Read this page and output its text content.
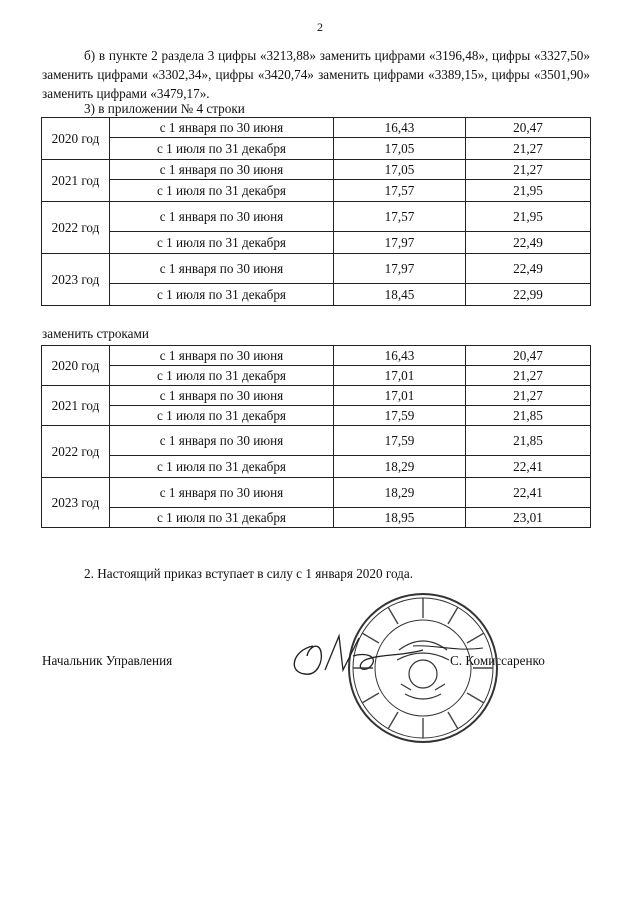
2
б) в пункте 2 раздела 3 цифры «3213,88» заменить цифрами «3196,48», цифры «3327,50» заменить цифрами «3302,34», цифры «3420,74» заменить цифрами «3389,15», цифры «3501,90» заменить цифрами «3479,17».
3) в приложении № 4 строки
2020 год	с 1 января по 30 июня	16,43	20,47
	с 1 июля по 31 декабря	17,05	21,27
2021 год	с 1 января по 30 июня	17,05	21,27
	с 1 июля по 31 декабря	17,57	21,95
2022 год	с 1 января по 30 июня	17,57	21,95
	с 1 июля по 31 декабря	17,97	22,49
2023 год	с 1 января по 30 июня	17,97	22,49
	с 1 июля по 31 декабря	18,45	22,99
заменить строками
2020 год	с 1 января по 30 июня	16,43	20,47
	с 1 июля по 31 декабря	17,01	21,27
2021 год	с 1 января по 30 июня	17,01	21,27
	с 1 июля по 31 декабря	17,59	21,85
2022 год	с 1 января по 30 июня	17,59	21,85
	с 1 июля по 31 декабря	18,29	22,41
2023 год	с 1 января по 30 июня	18,29	22,41
	с 1 июля по 31 декабря	18,95	23,01
2. Настоящий приказ вступает в силу с 1 января 2020 года.
Начальник Управления	С. Комиссаренко
